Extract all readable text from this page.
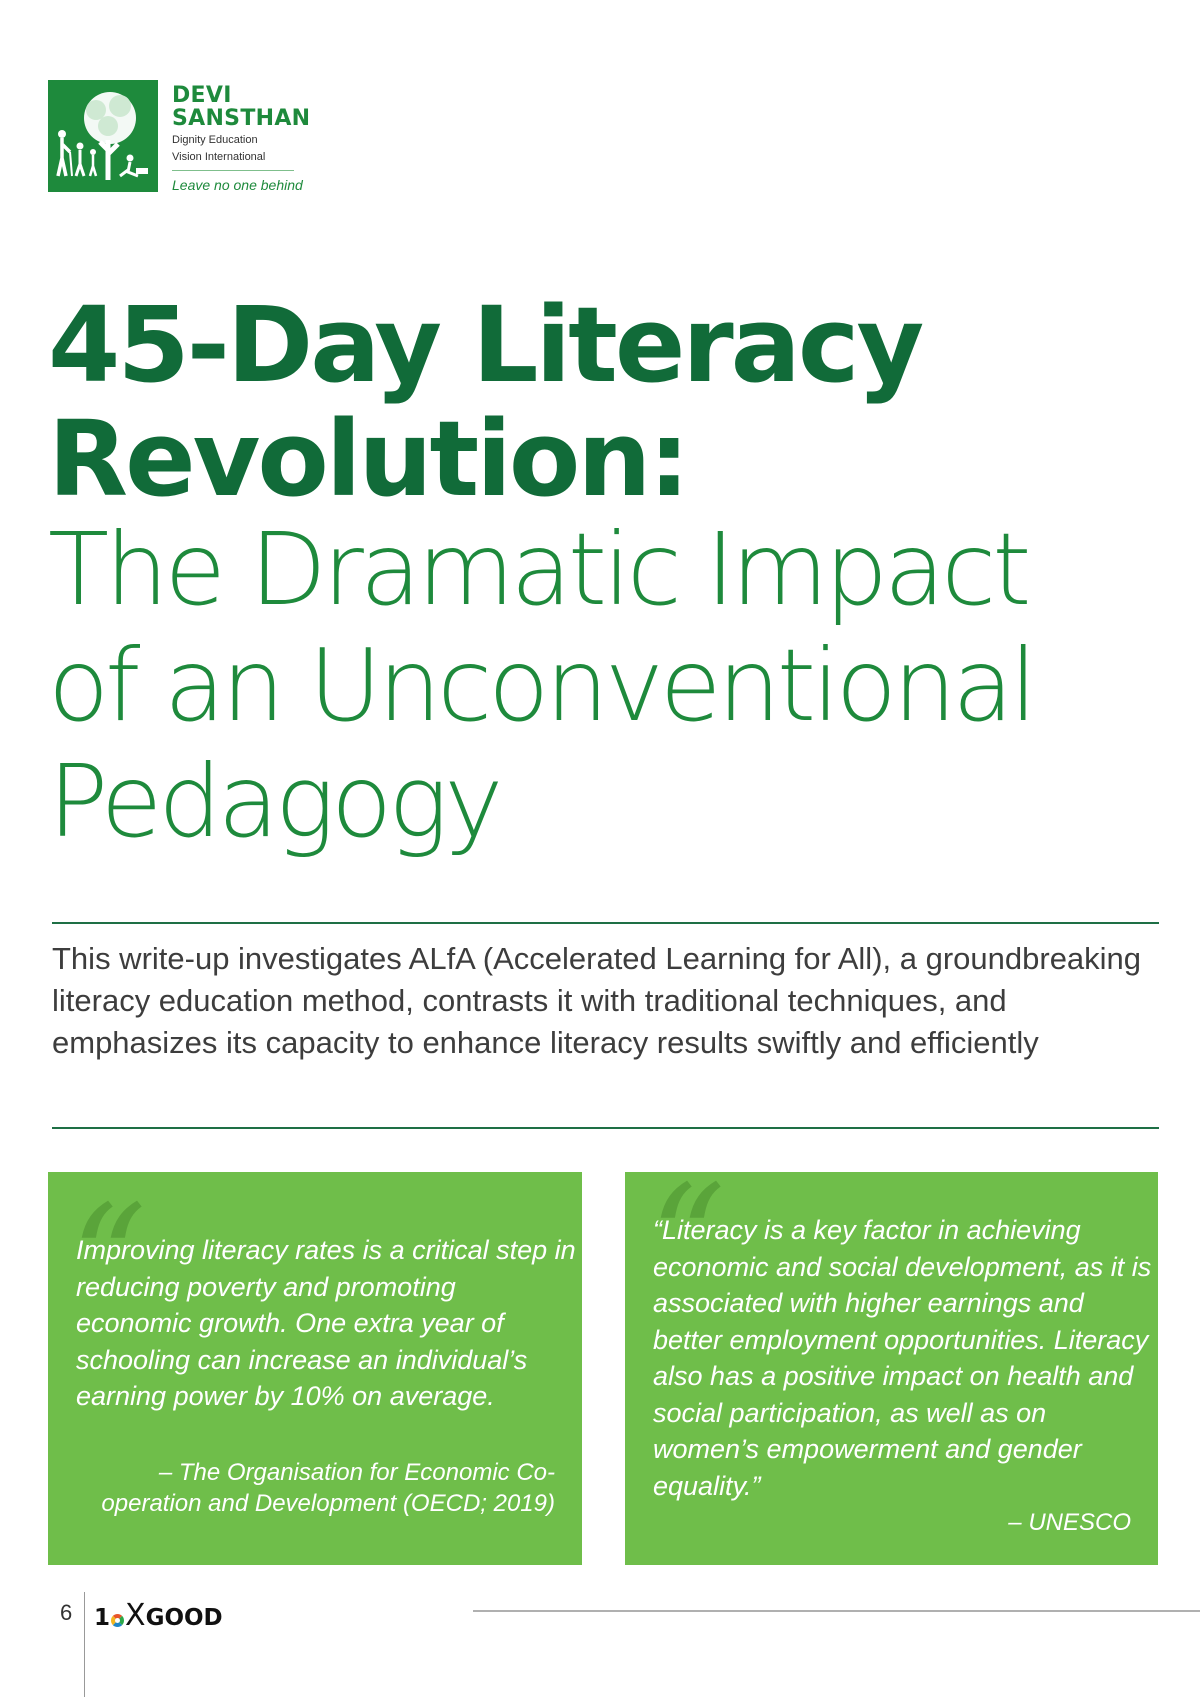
DEVI
SANSTHAN
Dignity Education
Vision International
Leave no one behind
45-Day Literacy
Revolution:
The Dramatic Impact
of an Unconventional
Pedagogy

This write-up investigates ALfA (Accelerated Learning for All), a groundbreaking literacy education method, contrasts it with traditional techniques, and emphasizes its capacity to enhance literacy results swiftly and efficiently

“

Improving literacy rates is a critical step in reducing poverty and promoting economic growth. One extra year of schooling can increase an individual’s earning power by 10% on average.

– The Organisation for Economic Co-
operation and Development (OECD; 2019)

“

“Literacy is a key factor in achieving economic and social development, as it is associated with higher earnings and better employment opportunities. Literacy also has a positive impact on health and social participation, as well as on women’s empowerment and gender equality.”

– UNESCO

6 1 XGOOD
